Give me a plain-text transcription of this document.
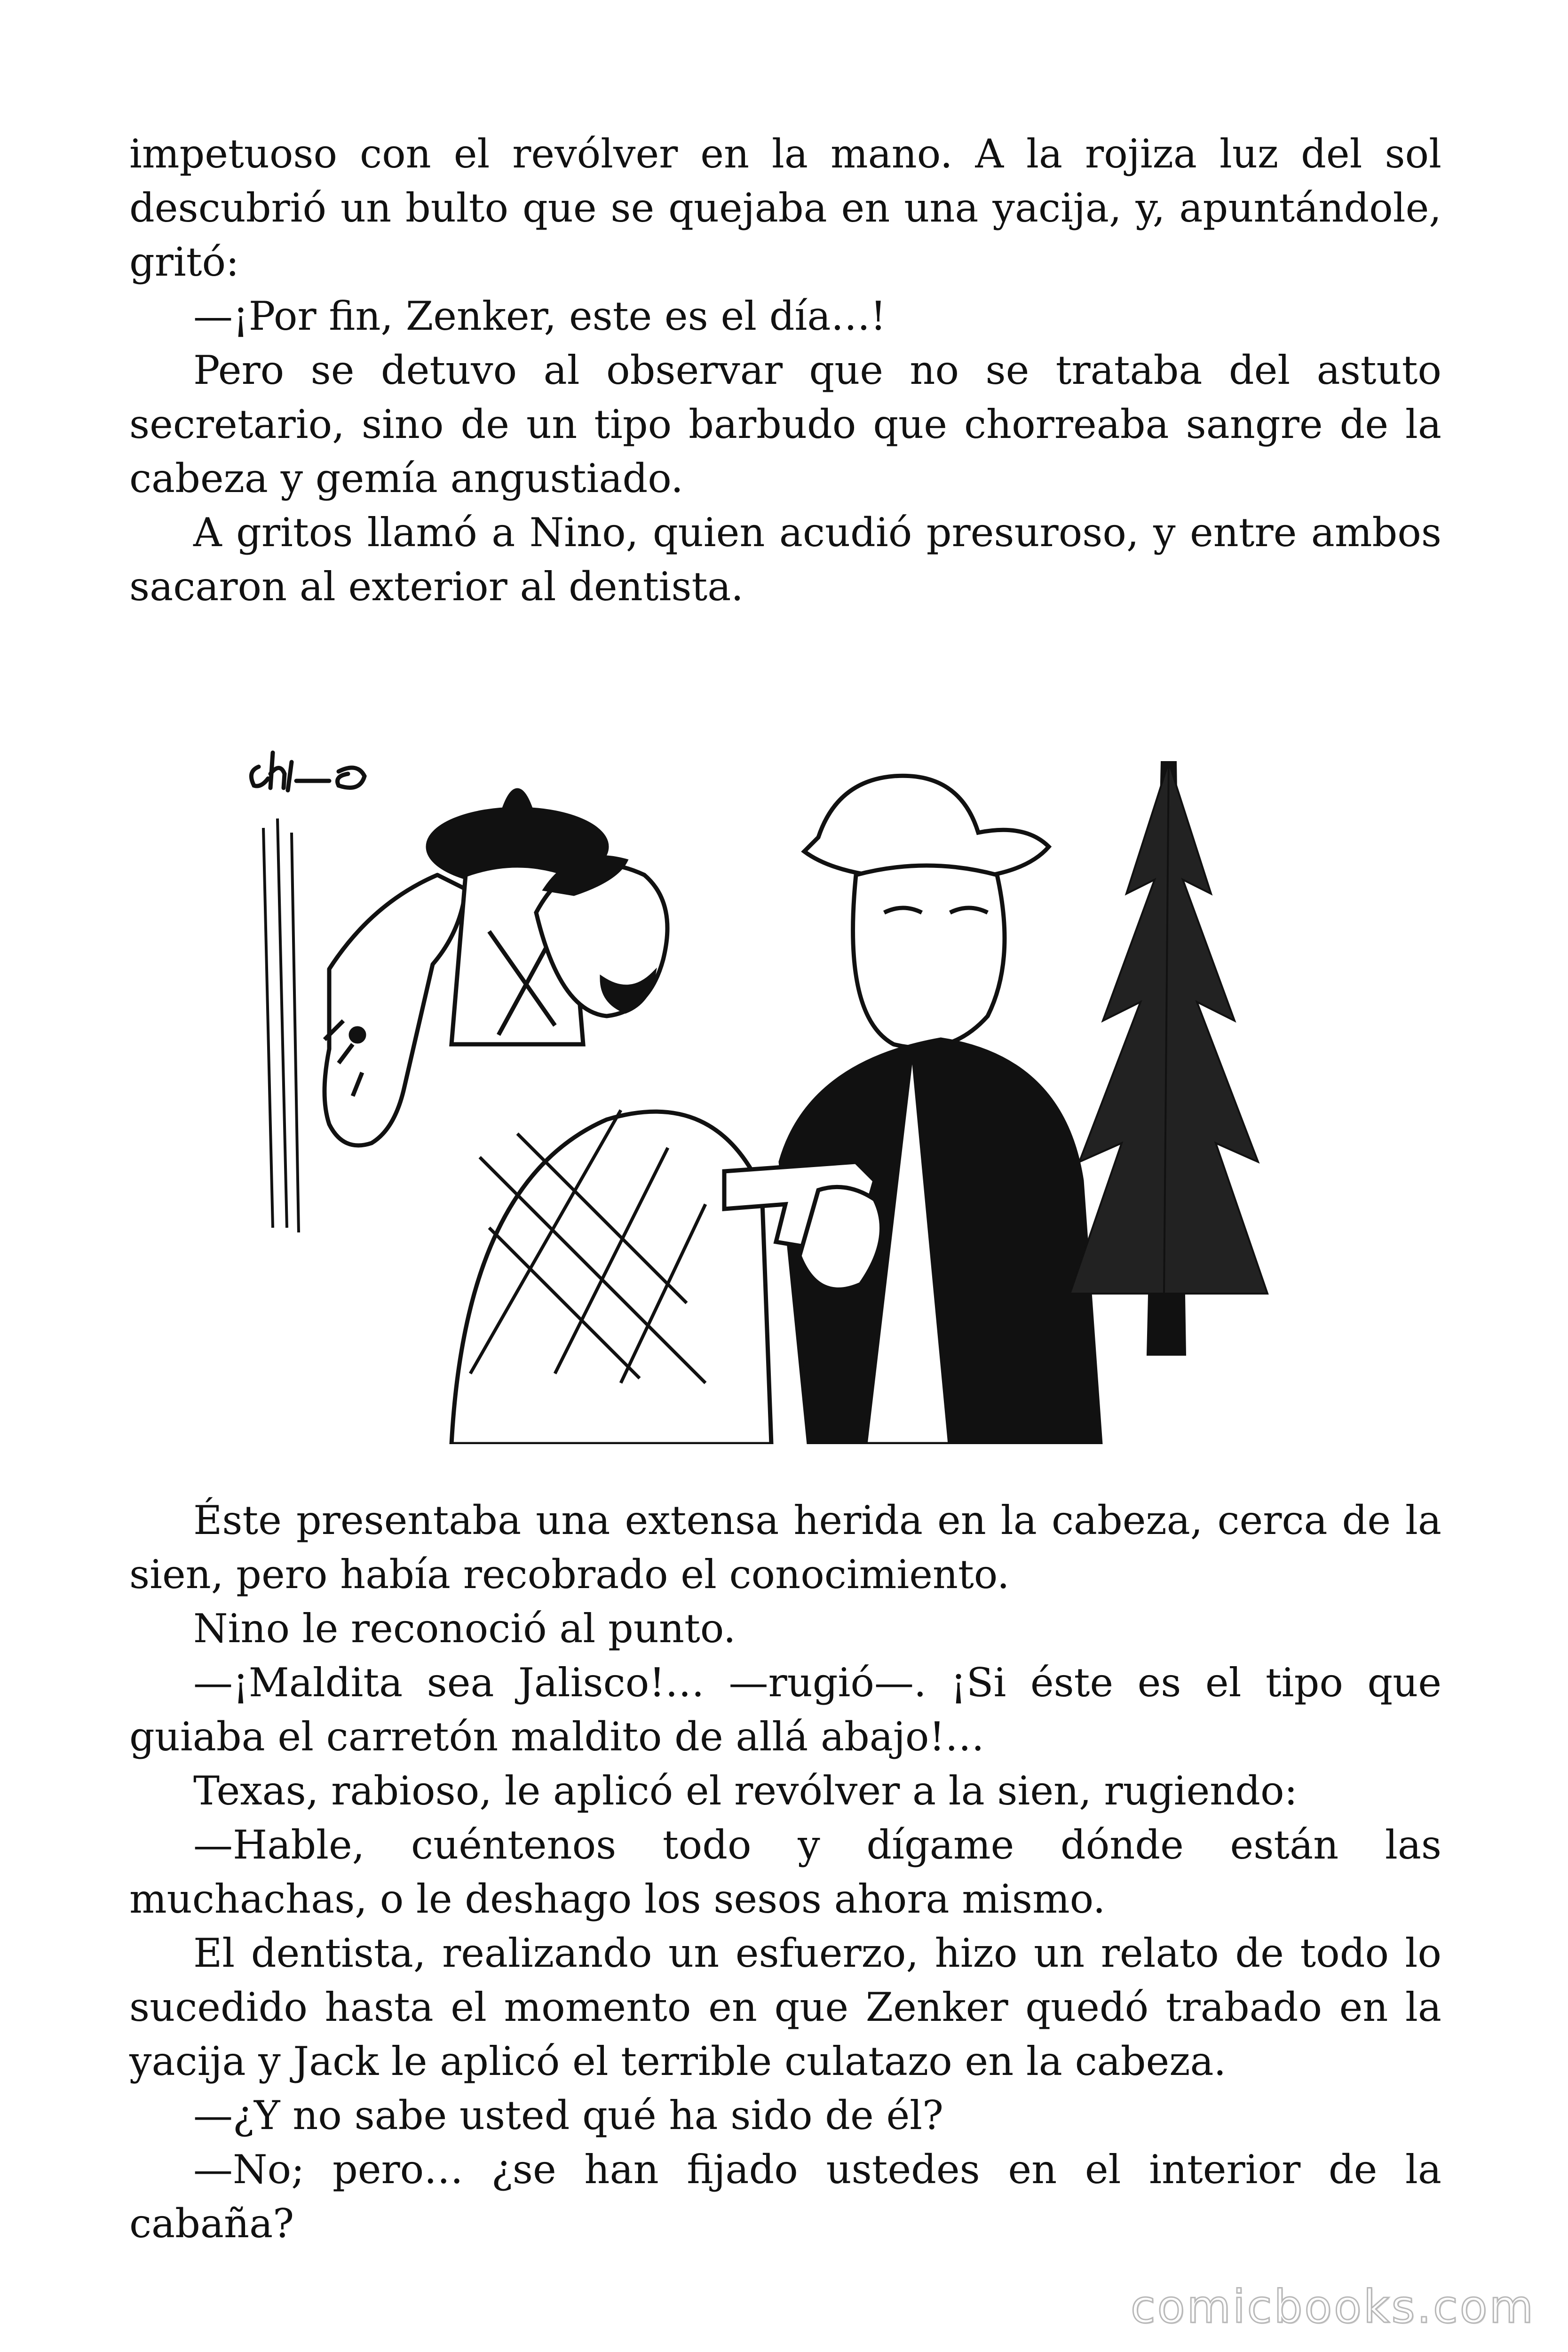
impetuoso con el revólver en la mano. A la rojiza luz del sol descubrió un bulto que se quejaba en una yacija, y, apuntándole, gritó:

—¡Por fin, Zenker, este es el día…!

Pero se detuvo al observar que no se trataba del astuto secretario, sino de un tipo barbudo que chorreaba sangre de la cabeza y gemía angustiado.

A gritos llamó a Nino, quien acudió presuroso, y entre ambos sacaron al exterior al dentista.

Éste presentaba una extensa herida en la cabeza, cerca de la sien, pero había recobrado el conocimiento.

Nino le reconoció al punto.

—¡Maldita sea Jalisco!… —rugió—. ¡Si éste es el tipo que guiaba el carretón maldito de allá abajo!…

Texas, rabioso, le aplicó el revólver a la sien, rugiendo:

—Hable, cuéntenos todo y dígame dónde están las muchachas, o le deshago los sesos ahora mismo.

El dentista, realizando un esfuerzo, hizo un relato de todo lo sucedido hasta el momento en que Zenker quedó trabado en la yacija y Jack le aplicó el terrible culatazo en la cabeza.

—¿Y no sabe usted qué ha sido de él?

—No; pero… ¿se han fijado ustedes en el interior de la cabaña?

comicbooks.com
